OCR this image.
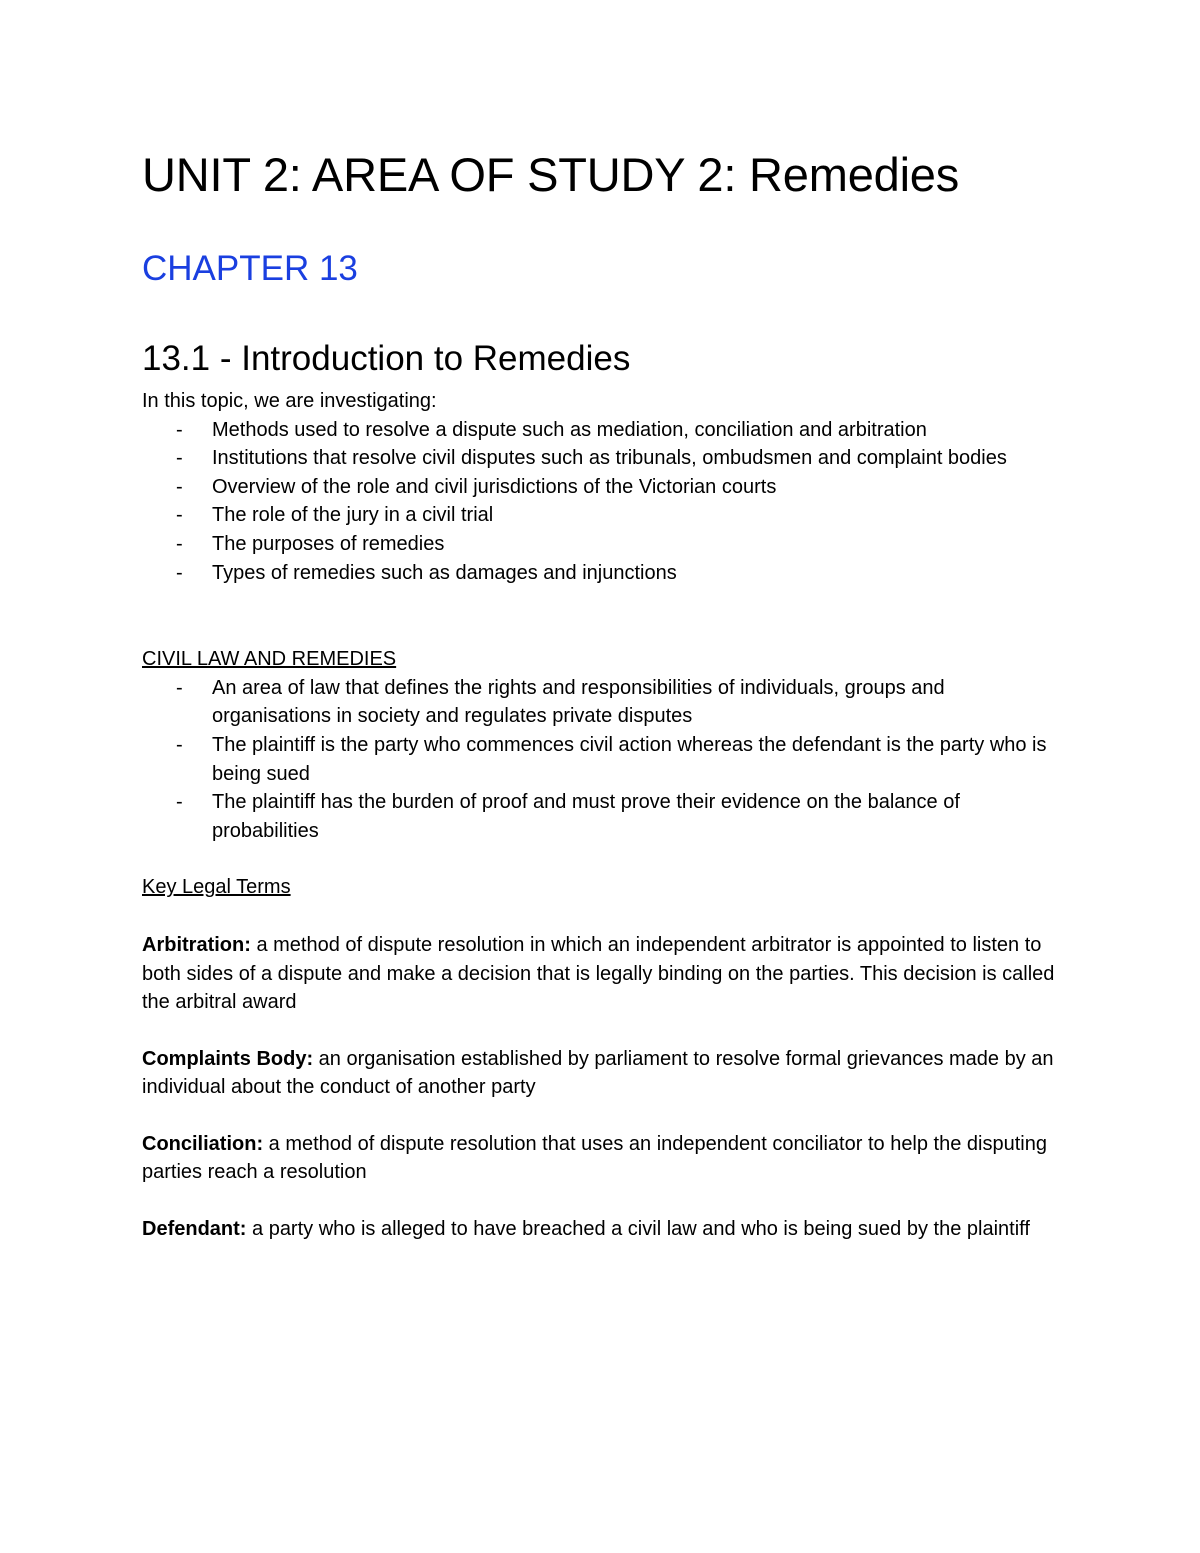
UNIT 2: AREA OF STUDY 2: Remedies
CHAPTER 13
13.1 - Introduction to Remedies

In this topic, we are investigating:

- Methods used to resolve a dispute such as mediation, conciliation and arbitration
- Institutions that resolve civil disputes such as tribunals, ombudsmen and complaint bodies
- Overview of the role and civil jurisdictions of the Victorian courts
- The role of the jury in a civil trial
- The purposes of remedies
- Types of remedies such as damages and injunctions

CIVIL LAW AND REMEDIES

- An area of law that defines the rights and responsibilities of individuals, groups and organisations in society and regulates private disputes
- The plaintiff is the party who commences civil action whereas the defendant is the party who is being sued
- The plaintiff has the burden of proof and must prove their evidence on the balance of probabilities

Key Legal Terms

Arbitration: a method of dispute resolution in which an independent arbitrator is appointed to listen to both sides of a dispute and make a decision that is legally binding on the parties. This decision is called the arbitral award

Complaints Body: an organisation established by parliament to resolve formal grievances made by an individual about the conduct of another party

Conciliation: a method of dispute resolution that uses an independent conciliator to help the disputing parties reach a resolution

Defendant: a party who is alleged to have breached a civil law and who is being sued by the plaintiff
